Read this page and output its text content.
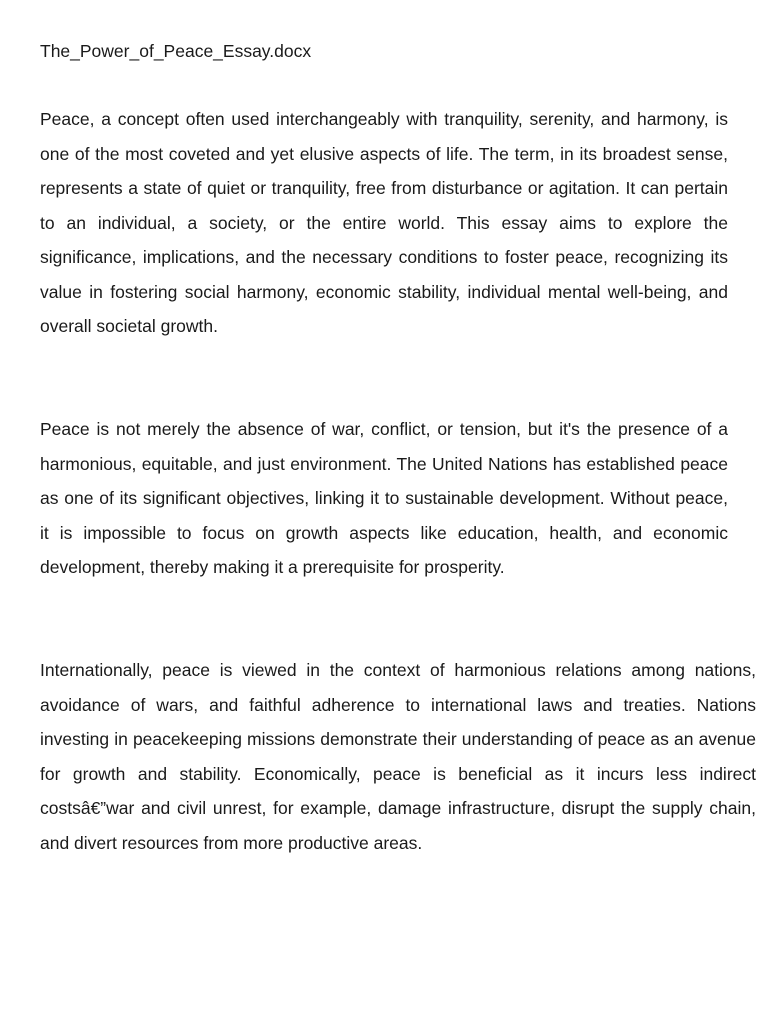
The_Power_of_Peace_Essay.docx

Peace, a concept often used interchangeably with tranquility, serenity, and harmony, is one of the most coveted and yet elusive aspects of life. The term, in its broadest sense, represents a state of quiet or tranquility, free from disturbance or agitation. It can pertain to an individual, a society, or the entire world. This essay aims to explore the significance, implications, and the necessary conditions to foster peace, recognizing its value in fostering social harmony, economic stability, individual mental well-being, and overall societal growth.

Peace is not merely the absence of war, conflict, or tension, but it's the presence of a harmonious, equitable, and just environment. The United Nations has established peace as one of its significant objectives, linking it to sustainable development. Without peace, it is impossible to focus on growth aspects like education, health, and economic development, thereby making it a prerequisite for prosperity.

Internationally, peace is viewed in the context of harmonious relations among nations, avoidance of wars, and faithful adherence to international laws and treaties. Nations investing in peacekeeping missions demonstrate their understanding of peace as an avenue for growth and stability. Economically, peace is beneficial as it incurs less indirect costsâ€”war and civil unrest, for example, damage infrastructure, disrupt the supply chain, and divert resources from more productive areas.
